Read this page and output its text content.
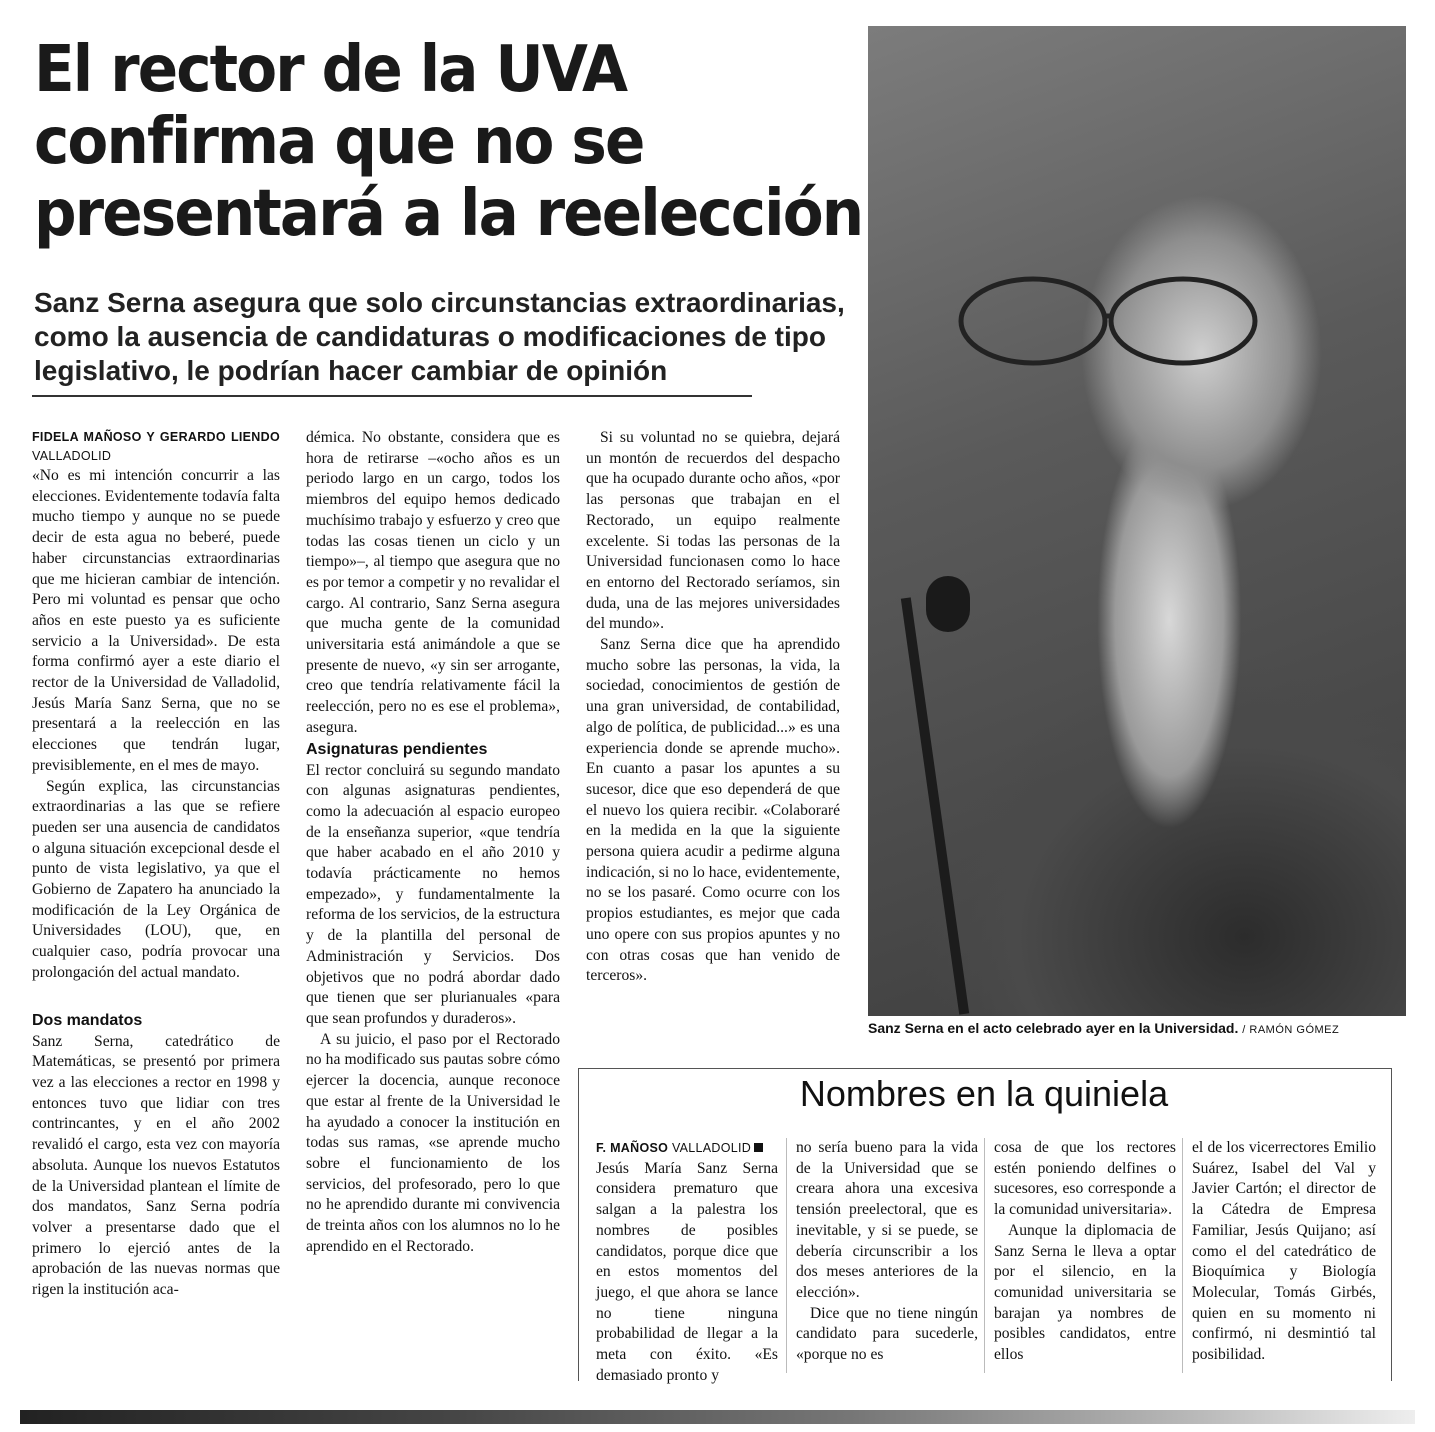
El rector de la UVA
confirma que no se
presentará a la reelección
Sanz Serna asegura que solo circunstancias extraordinarias,
como la ausencia de candidaturas o modificaciones de tipo
legislativo, le podrían hacer cambiar de opinión
Sanz Serna en el acto celebrado ayer en la Universidad. / RAMÓN GÓMEZ

FIDELA MAÑOSO Y GERARDO LIENDO VALLADOLID

«No es mi intención concurrir a las elecciones. Evidentemente todavía falta mucho tiempo y aunque no se puede decir de esta agua no beberé, puede haber circunstancias extraordinarias que me hicieran cambiar de intención. Pero mi voluntad es pensar que ocho años en este puesto ya es suficiente servicio a la Universidad». De esta forma confirmó ayer a este diario el rector de la Universidad de Valladolid, Jesús María Sanz Serna, que no se presentará a la reelección en las elecciones que tendrán lugar, previsiblemente, en el mes de mayo.

Según explica, las circunstancias extraordinarias a las que se refiere pueden ser una ausencia de candidatos o alguna situación excepcional desde el punto de vista legislativo, ya que el Gobierno de Zapatero ha anunciado la modificación de la Ley Orgánica de Universidades (LOU), que, en cualquier caso, podría provocar una prolongación del actual mandato.

Dos mandatos

Sanz Serna, catedrático de Matemáticas, se presentó por primera vez a las elecciones a rector en 1998 y entonces tuvo que lidiar con tres contrincantes, y en el año 2002 revalidó el cargo, esta vez con mayoría absoluta. Aunque los nuevos Estatutos de la Universidad plantean el límite de dos mandatos, Sanz Serna podría volver a presentarse dado que el primero lo ejerció antes de la aprobación de las nuevas normas que rigen la institución aca-

démica. No obstante, considera que es hora de retirarse –«ocho años es un periodo largo en un cargo, todos los miembros del equipo hemos dedicado muchísimo trabajo y esfuerzo y creo que todas las cosas tienen un ciclo y un tiempo»–, al tiempo que asegura que no es por temor a competir y no revalidar el cargo. Al contrario, Sanz Serna asegura que mucha gente de la comunidad universitaria está animándole a que se presente de nuevo, «y sin ser arrogante, creo que tendría relativamente fácil la reelección, pero no es ese el problema», asegura.

Asignaturas pendientes

El rector concluirá su segundo mandato con algunas asignaturas pendientes, como la adecuación al espacio europeo de la enseñanza superior, «que tendría que haber acabado en el año 2010 y todavía prácticamente no hemos empezado», y fundamentalmente la reforma de los servicios, de la estructura y de la plantilla del personal de Administración y Servicios. Dos objetivos que no podrá abordar dado que tienen que ser plurianuales «para que sean profundos y duraderos».

A su juicio, el paso por el Rectorado no ha modificado sus pautas sobre cómo ejercer la docencia, aunque reconoce que estar al frente de la Universidad le ha ayudado a conocer la institución en todas sus ramas, «se aprende mucho sobre el funcionamiento de los servicios, del profesorado, pero lo que no he aprendido durante mi convivencia de treinta años con los alumnos no lo he aprendido en el Rectorado.

Si su voluntad no se quiebra, dejará un montón de recuerdos del despacho que ha ocupado durante ocho años, «por las personas que trabajan en el Rectorado, un equipo realmente excelente. Si todas las personas de la Universidad funcionasen como lo hace en entorno del Rectorado seríamos, sin duda, una de las mejores universidades del mundo».

Sanz Serna dice que ha aprendido mucho sobre las personas, la vida, la sociedad, conocimientos de gestión de una gran universidad, de contabilidad, algo de política, de publicidad...» es una experiencia donde se aprende mucho». En cuanto a pasar los apuntes a su sucesor, dice que eso dependerá de que el nuevo los quiera recibir. «Colaboraré en la medida en la que la siguiente persona quiera acudir a pedirme alguna indicación, si no lo hace, evidentemente, no se los pasaré. Como ocurre con los propios estudiantes, es mejor que cada uno opere con sus propios apuntes y no con otras cosas que han venido de terceros».

Nombres en la quiniela

F. MAÑOSO VALLADOLID

Jesús María Sanz Serna considera prematuro que salgan a la palestra los nombres de posibles candidatos, porque dice que en estos momentos del juego, el que ahora se lance no tiene ninguna probabilidad de llegar a la meta con éxito. «Es demasiado pronto y

no sería bueno para la vida de la Universidad que se creara ahora una excesiva tensión preelectoral, que es inevitable, y si se puede, se debería circunscribir a los dos meses anteriores de la elección».

Dice que no tiene ningún candidato para sucederle, «porque no es

cosa de que los rectores estén poniendo delfines o sucesores, eso corresponde a la comunidad universitaria».

Aunque la diplomacia de Sanz Serna le lleva a optar por el silencio, en la comunidad universitaria se barajan ya nombres de posibles candidatos, entre ellos

el de los vicerrectores Emilio Suárez, Isabel del Val y Javier Cartón; el director de la Cátedra de Empresa Familiar, Jesús Quijano; así como el del catedrático de Bioquímica y Biología Molecular, Tomás Girbés, quien en su momento ni confirmó, ni desmintió tal posibilidad.
